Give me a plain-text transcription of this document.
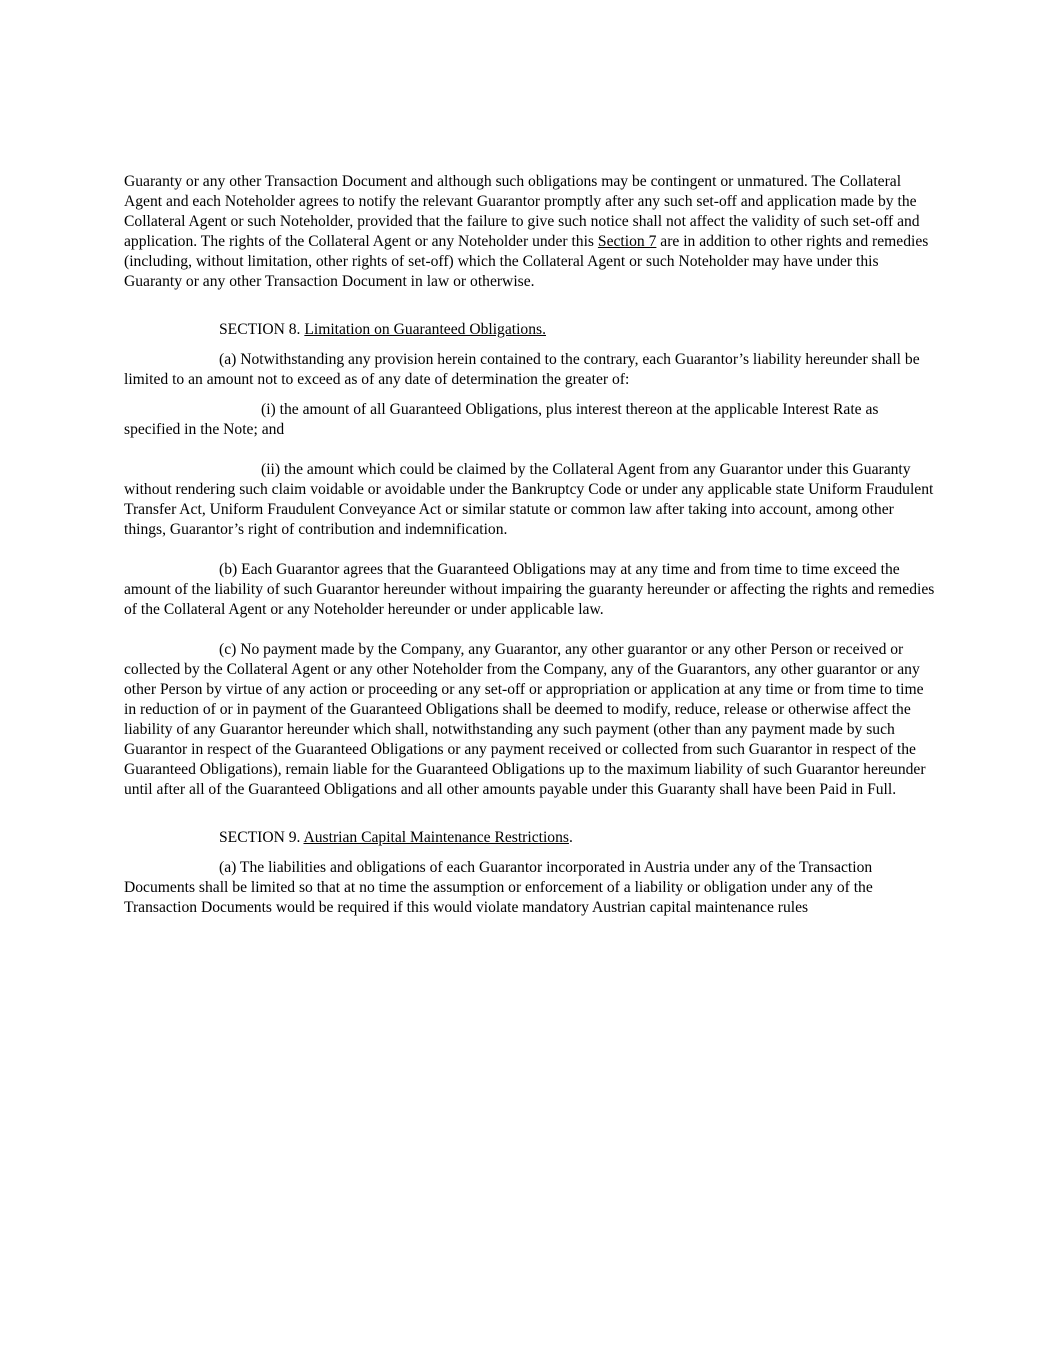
Guaranty or any other Transaction Document and although such obligations may be contingent or unmatured. The Collateral Agent and each Noteholder agrees to notify the relevant Guarantor promptly after any such set-off and application made by the Collateral Agent or such Noteholder, provided that the failure to give such notice shall not affect the validity of such set-off and application. The rights of the Collateral Agent or any Noteholder under this Section 7 are in addition to other rights and remedies (including, without limitation, other rights of set-off) which the Collateral Agent or such Noteholder may have under this Guaranty or any other Transaction Document in law or otherwise.

SECTION 8. Limitation on Guaranteed Obligations.

(a) Notwithstanding any provision herein contained to the contrary, each Guarantor’s liability hereunder shall be limited to an amount not to exceed as of any date of determination the greater of:

(i) the amount of all Guaranteed Obligations, plus interest thereon at the applicable Interest Rate as specified in the Note; and

(ii) the amount which could be claimed by the Collateral Agent from any Guarantor under this Guaranty without rendering such claim voidable or avoidable under the Bankruptcy Code or under any applicable state Uniform Fraudulent Transfer Act, Uniform Fraudulent Conveyance Act or similar statute or common law after taking into account, among other things, Guarantor’s right of contribution and indemnification.

(b) Each Guarantor agrees that the Guaranteed Obligations may at any time and from time to time exceed the amount of the liability of such Guarantor hereunder without impairing the guaranty hereunder or affecting the rights and remedies of the Collateral Agent or any Noteholder hereunder or under applicable law.

(c) No payment made by the Company, any Guarantor, any other guarantor or any other Person or received or collected by the Collateral Agent or any other Noteholder from the Company, any of the Guarantors, any other guarantor or any other Person by virtue of any action or proceeding or any set-off or appropriation or application at any time or from time to time in reduction of or in payment of the Guaranteed Obligations shall be deemed to modify, reduce, release or otherwise affect the liability of any Guarantor hereunder which shall, notwithstanding any such payment (other than any payment made by such Guarantor in respect of the Guaranteed Obligations or any payment received or collected from such Guarantor in respect of the Guaranteed Obligations), remain liable for the Guaranteed Obligations up to the maximum liability of such Guarantor hereunder until after all of the Guaranteed Obligations and all other amounts payable under this Guaranty shall have been Paid in Full.

SECTION 9. Austrian Capital Maintenance Restrictions.

(a) The liabilities and obligations of each Guarantor incorporated in Austria under any of the Transaction Documents shall be limited so that at no time the assumption or enforcement of a liability or obligation under any of the Transaction Documents would be required if this would violate mandatory Austrian capital maintenance rules
